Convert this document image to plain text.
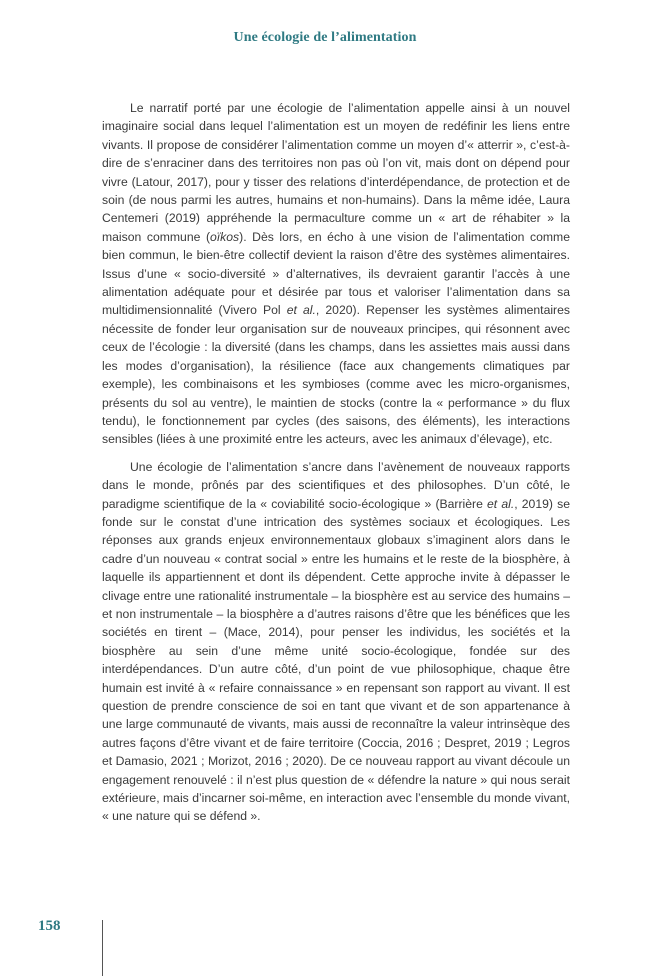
Une écologie de l’alimentation

Le narratif porté par une écologie de l’alimentation appelle ainsi à un nouvel imaginaire social dans lequel l’alimentation est un moyen de redéfinir les liens entre vivants. Il propose de considérer l’alimentation comme un moyen d’« atterrir », c’est-à-dire de s’enraciner dans des territoires non pas où l’on vit, mais dont on dépend pour vivre (Latour, 2017), pour y tisser des relations d’interdépendance, de protection et de soin (de nous parmi les autres, humains et non-humains). Dans la même idée, Laura Centemeri (2019) appréhende la permaculture comme un « art de réhabiter » la maison commune (oïkos). Dès lors, en écho à une vision de l’alimentation comme bien commun, le bien-être collectif devient la raison d’être des systèmes alimentaires. Issus d’une « socio-diversité » d’alternatives, ils devraient garantir l’accès à une alimentation adéquate pour et désirée par tous et valoriser l’alimentation dans sa multidimensionnalité (Vivero Pol et al., 2020). Repenser les systèmes alimentaires nécessite de fonder leur organisation sur de nouveaux principes, qui résonnent avec ceux de l’écologie : la diversité (dans les champs, dans les assiettes mais aussi dans les modes d’organisation), la résilience (face aux changements climatiques par exemple), les combinaisons et les symbioses (comme avec les micro-organismes, présents du sol au ventre), le maintien de stocks (contre la « performance » du flux tendu), le fonctionnement par cycles (des saisons, des éléments), les interactions sensibles (liées à une proximité entre les acteurs, avec les animaux d’élevage), etc.

Une écologie de l’alimentation s’ancre dans l’avènement de nouveaux rapports dans le monde, prônés par des scientifiques et des philosophes. D’un côté, le paradigme scientifique de la « coviabilité socio-écologique » (Barrière et al., 2019) se fonde sur le constat d’une intrication des systèmes sociaux et écologiques. Les réponses aux grands enjeux environnementaux globaux s’imaginent alors dans le cadre d’un nouveau « contrat social » entre les humains et le reste de la biosphère, à laquelle ils appartiennent et dont ils dépendent. Cette approche invite à dépasser le clivage entre une rationalité instrumentale – la biosphère est au service des humains – et non instrumentale – la biosphère a d’autres raisons d’être que les bénéfices que les sociétés en tirent – (Mace, 2014), pour penser les individus, les sociétés et la biosphère au sein d’une même unité socio-écologique, fondée sur des interdépendances. D’un autre côté, d’un point de vue philosophique, chaque être humain est invité à « refaire connaissance » en repensant son rapport au vivant. Il est question de prendre conscience de soi en tant que vivant et de son appartenance à une large communauté de vivants, mais aussi de reconnaître la valeur intrinsèque des autres façons d’être vivant et de faire territoire (Coccia, 2016 ; Despret, 2019 ; Legros et Damasio, 2021 ; Morizot, 2016 ; 2020). De ce nouveau rapport au vivant découle un engagement renouvelé : il n’est plus question de « défendre la nature » qui nous serait extérieure, mais d’incarner soi-même, en interaction avec l’ensemble du monde vivant, « une nature qui se défend ».

158
